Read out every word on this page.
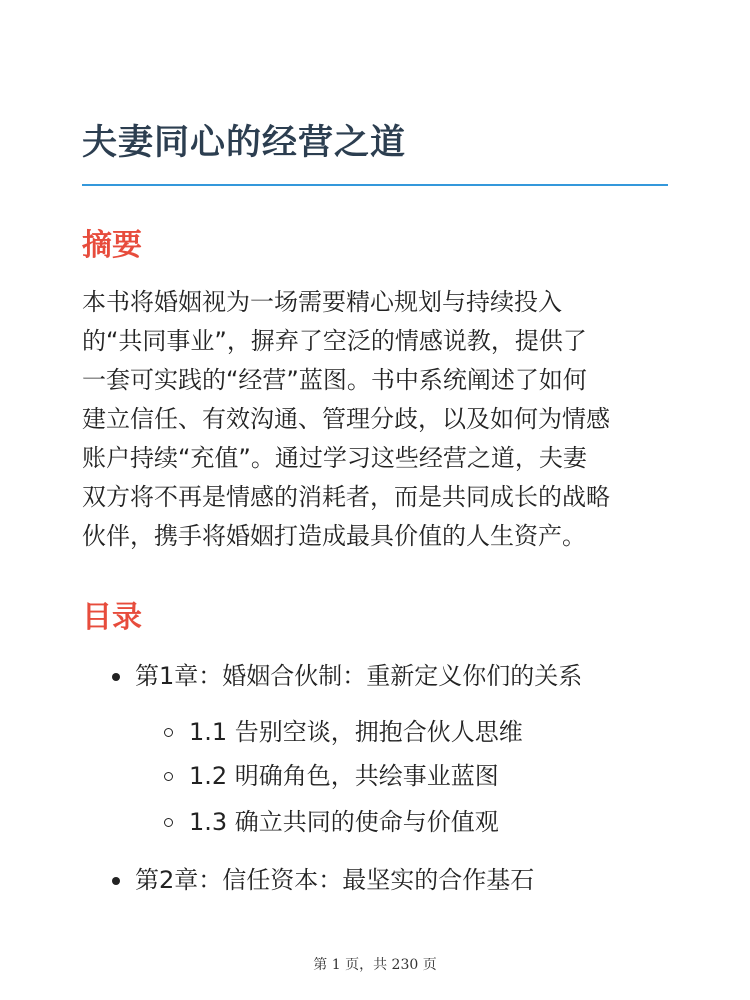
夫妻同心的经营之道
摘要
本书将婚姻视为一场需要精心规划与持续投入
的“共同事业”，摒弃了空泛的情感说教，提供了
一套可实践的“经营”蓝图。书中系统阐述了如何
建立信任、有效沟通、管理分歧，以及如何为情感
账户持续“充值”。通过学习这些经营之道，夫妻
双方将不再是情感的消耗者，而是共同成长的战略
伙伴，携手将婚姻打造成最具价值的人生资产。
目录
第1章：婚姻合伙制：重新定义你们的关系
1.1 告别空谈，拥抱合伙人思维
1.2 明确角色，共绘事业蓝图
1.3 确立共同的使命与价值观
第2章：信任资本：最坚实的合作基石
第 1 页，共 230 页
